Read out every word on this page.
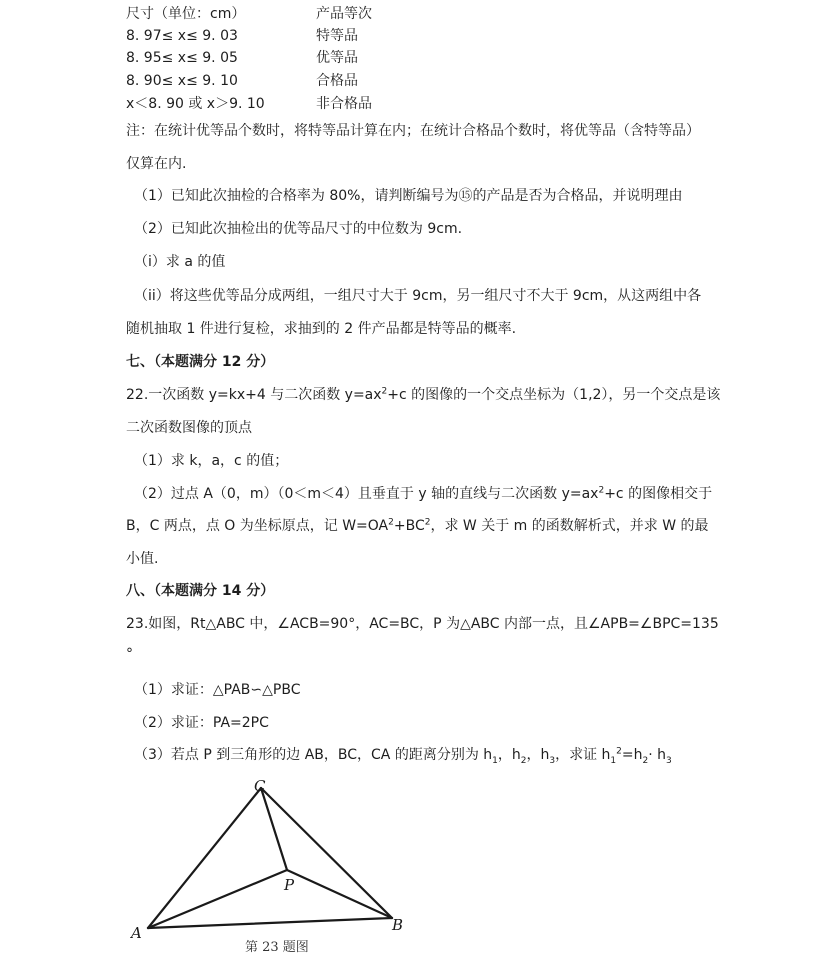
尺寸（单位：cm）	产品等次
8. 97≤ x≤ 9. 03	特等品
8. 95≤ x≤ 9. 05	优等品
8. 90≤ x≤ 9. 10	合格品
x＜8. 90 或 x＞9. 10	非合格品
注：在统计优等品个数时，将特等品计算在内；在统计合格品个数时，将优等品（含特等品）
仅算在内.
（1）已知此次抽检的合格率为 80%，请判断编号为⑮的产品是否为合格品，并说明理由
（2）已知此次抽检出的优等品尺寸的中位数为 9cm.
（i）求 a 的值
（ii）将这些优等品分成两组，一组尺寸大于 9cm，另一组尺寸不大于 9cm，从这两组中各
随机抽取 1 件进行复检，求抽到的 2 件产品都是特等品的概率.
七、（本题满分 12 分）
22.一次函数 y=kx+4 与二次函数 $y=ax^2+c$ 的图像的一个交点坐标为（1,2），另一个交点是该
二次函数图像的顶点
（1）求 k，a，c 的值；
（2）过点 A（0，m）（0＜m＜4）且垂直于 y 轴的直线与二次函数 $y=ax^2+c$ 的图像相交于
B，C 两点，点 O 为坐标原点，记 $W=OA^2+BC^2$，求 W 关于 m 的函数解析式，并求 W 的最
小值.
八、（本题满分 14 分）
23.如图，Rt△ABC 中，∠ACB=90°，AC=BC，P 为△ABC 内部一点，且∠APB=∠BPC=135
°
（1）求证：△PAB∽△PBC
（2）求证：PA=2PC
（3）若点 P 到三角形的边 AB，BC，CA 的距离分别为 $h_1$，$h_2$，$h_3$，求证 $h_1^2=h_2\cdot h_3$
A	B
C
P
第 23 题图
